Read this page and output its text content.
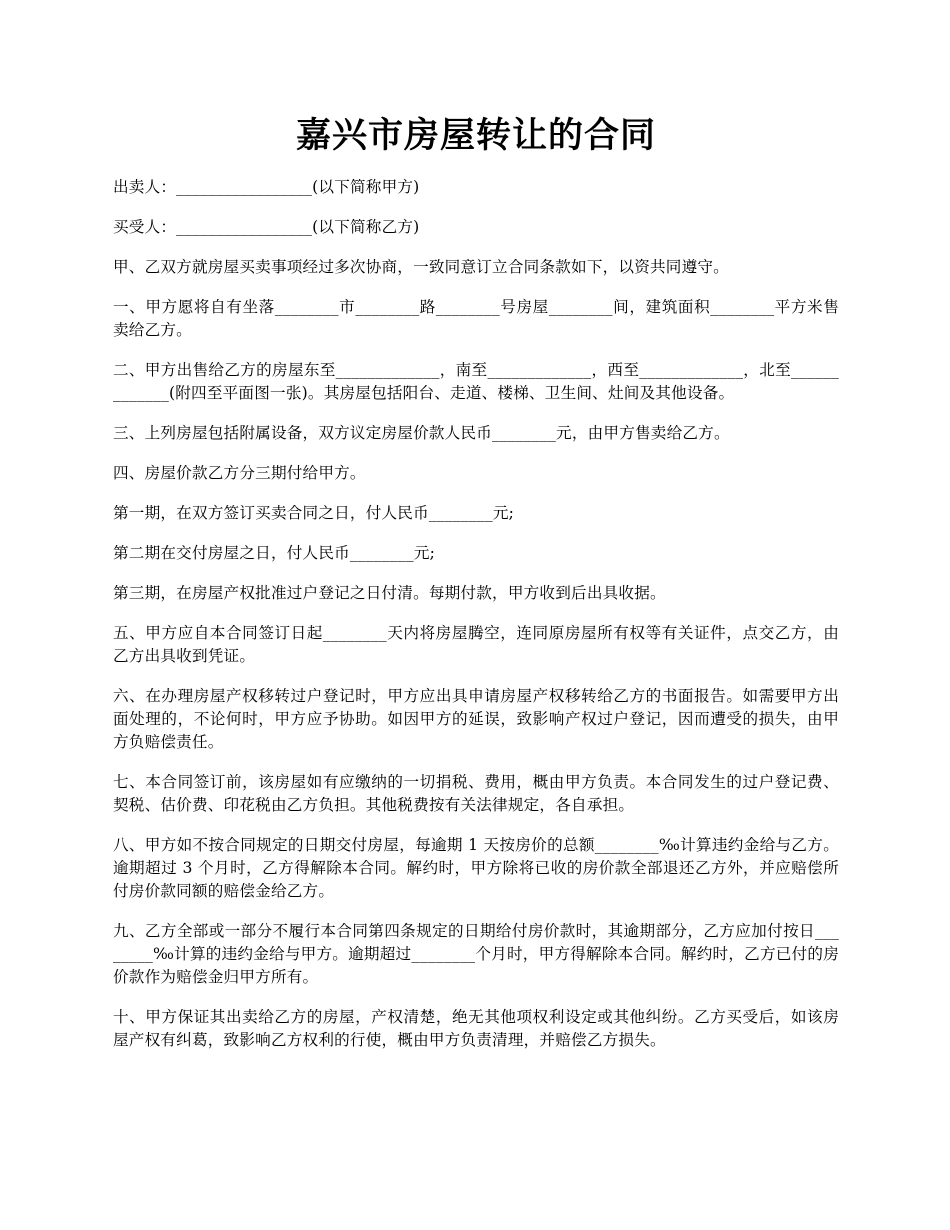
嘉兴市房屋转让的合同

出卖人：_________________(以下简称甲方)

买受人：_________________(以下简称乙方)

甲、乙双方就房屋买卖事项经过多次协商，一致同意订立合同条款如下，以资共同遵守。

一、甲方愿将自有坐落________市________路________号房屋________间，建筑面积________平方米售卖给乙方。

二、甲方出售给乙方的房屋东至_____________，南至_____________，西至_____________，北至_____________(附四至平面图一张)。其房屋包括阳台、走道、楼梯、卫生间、灶间及其他设备。

三、上列房屋包括附属设备，双方议定房屋价款人民币________元，由甲方售卖给乙方。

四、房屋价款乙方分三期付给甲方。

第一期，在双方签订买卖合同之日，付人民币________元;

第二期在交付房屋之日，付人民币________元;

第三期，在房屋产权批准过户登记之日付清。每期付款，甲方收到后出具收据。

五、甲方应自本合同签订日起________天内将房屋腾空，连同原房屋所有权等有关证件，点交乙方，由乙方出具收到凭证。

六、在办理房屋产权移转过户登记时，甲方应出具申请房屋产权移转给乙方的书面报告。如需要甲方出面处理的，不论何时，甲方应予协助。如因甲方的延误，致影响产权过户登记，因而遭受的损失，由甲方负赔偿责任。

七、本合同签订前，该房屋如有应缴纳的一切捐税、费用，概由甲方负责。本合同发生的过户登记费、契税、估价费、印花税由乙方负担。其他税费按有关法律规定，各自承担。

八、甲方如不按合同规定的日期交付房屋，每逾期 1 天按房价的总额________‰计算违约金给与乙方。逾期超过 3 个月时，乙方得解除本合同。解约时，甲方除将已收的房价款全部退还乙方外，并应赔偿所付房价款同额的赔偿金给乙方。

九、乙方全部或一部分不履行本合同第四条规定的日期给付房价款时，其逾期部分，乙方应加付按日________‰计算的违约金给与甲方。逾期超过________个月时，甲方得解除本合同。解约时，乙方已付的房价款作为赔偿金归甲方所有。

十、甲方保证其出卖给乙方的房屋，产权清楚，绝无其他项权利设定或其他纠纷。乙方买受后，如该房屋产权有纠葛，致影响乙方权利的行使，概由甲方负责清理，并赔偿乙方损失。
